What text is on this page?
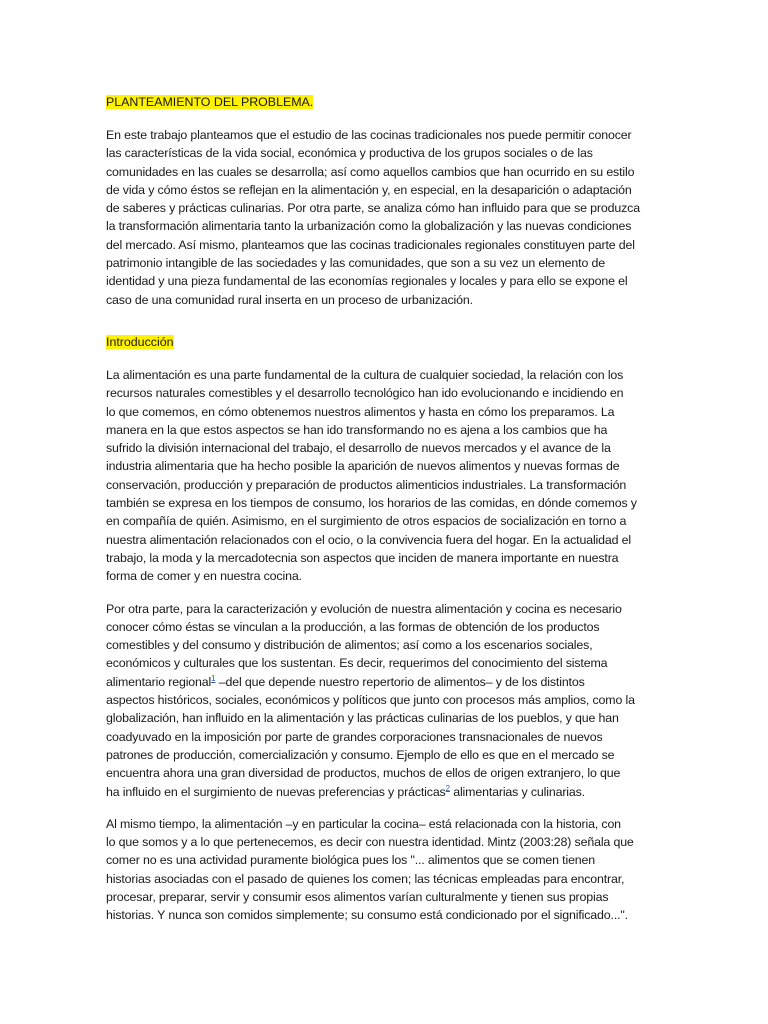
PLANTEAMIENTO DEL PROBLEMA.

En este trabajo planteamos que el estudio de las cocinas tradicionales nos puede permitir conocer
las características de la vida social, económica y productiva de los grupos sociales o de las
comunidades en las cuales se desarrolla; así como aquellos cambios que han ocurrido en su estilo
de vida y cómo éstos se reflejan en la alimentación y, en especial, en la desaparición o adaptación
de saberes y prácticas culinarias. Por otra parte, se analiza cómo han influido para que se produzca
la transformación alimentaria tanto la urbanización como la globalización y las nuevas condiciones
del mercado. Así mismo, planteamos que las cocinas tradicionales regionales constituyen parte del
patrimonio intangible de las sociedades y las comunidades, que son a su vez un elemento de
identidad y una pieza fundamental de las economías regionales y locales y para ello se expone el
caso de una comunidad rural inserta en un proceso de urbanización.

Introducción

La alimentación es una parte fundamental de la cultura de cualquier sociedad, la relación con los
recursos naturales comestibles y el desarrollo tecnológico han ido evolucionando e incidiendo en
lo que comemos, en cómo obtenemos nuestros alimentos y hasta en cómo los preparamos. La
manera en la que estos aspectos se han ido transformando no es ajena a los cambios que ha
sufrido la división internacional del trabajo, el desarrollo de nuevos mercados y el avance de la
industria alimentaria que ha hecho posible la aparición de nuevos alimentos y nuevas formas de
conservación, producción y preparación de productos alimenticios industriales. La transformación
también se expresa en los tiempos de consumo, los horarios de las comidas, en dónde comemos y
en compañía de quién. Asimismo, en el surgimiento de otros espacios de socialización en torno a
nuestra alimentación relacionados con el ocio, o la convivencia fuera del hogar. En la actualidad el
trabajo, la moda y la mercadotecnia son aspectos que inciden de manera importante en nuestra
forma de comer y en nuestra cocina.

Por otra parte, para la caracterización y evolución de nuestra alimentación y cocina es necesario
conocer cómo éstas se vinculan a la producción, a las formas de obtención de los productos
comestibles y del consumo y distribución de alimentos; así como a los escenarios sociales,
económicos y culturales que los sustentan. Es decir, requerimos del conocimiento del sistema
alimentario regional$^1$ –del que depende nuestro repertorio de alimentos– y de los distintos
aspectos históricos, sociales, económicos y políticos que junto con procesos más amplios, como la
globalización, han influido en la alimentación y las prácticas culinarias de los pueblos, y que han
coadyuvado en la imposición por parte de grandes corporaciones transnacionales de nuevos
patrones de producción, comercialización y consumo. Ejemplo de ello es que en el mercado se
encuentra ahora una gran diversidad de productos, muchos de ellos de origen extranjero, lo que
ha influido en el surgimiento de nuevas preferencias y prácticas$^2$ alimentarias y culinarias.

Al mismo tiempo, la alimentación –y en particular la cocina– está relacionada con la historia, con
lo que somos y a lo que pertenecemos, es decir con nuestra identidad. Mintz (2003:28) señala que
comer no es una actividad puramente biológica pues los "... alimentos que se comen tienen
historias asociadas con el pasado de quienes los comen; las técnicas empleadas para encontrar,
procesar, preparar, servir y consumir esos alimentos varían culturalmente y tienen sus propias
historias. Y nunca son comidos simplemente; su consumo está condicionado por el significado...".
